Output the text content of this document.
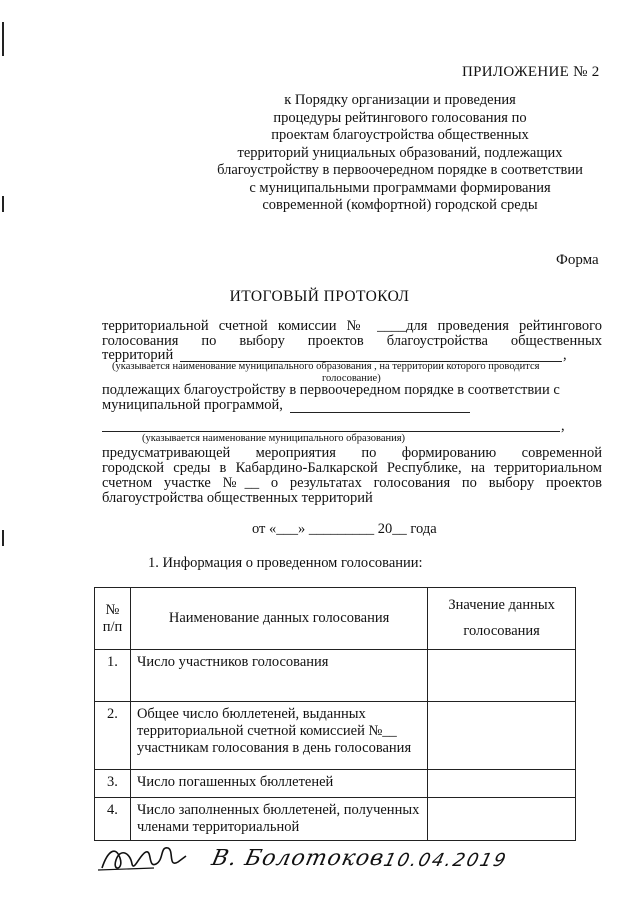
ПРИЛОЖЕНИЕ № 2
к Порядку организации и проведения
процедуры рейтингового голосования по
проектам благоустройства общественных
территорий унициальных образований, подлежащих
благоустройству в первоочередном порядке в соответствии
с муниципальными программами формирования
современной (комфортной) городской среды
Форма
ИТОГОВЫЙ ПРОТОКОЛ
территориальной счетной комиссии № ____для проведения рейтингового
голосования по выбору проектов благоустройства общественных
территорий	,
(указывается наименование муниципального образования , на территории которого проводится
голосование)
подлежащих благоустройству в первоочередном порядке в соответствии с
муниципальной программой,
,
(указывается наименование муниципального образования)
предусматривающей мероприятия по формированию современной
городской среды в Кабардино-Балкарской Республике, на территориальном
счетном участке №__ о результатах голосования по выбору проектов
благоустройства общественных территорий
от «___» _________ 20__ года
1. Информация о проведенном голосовании:
№ п/п	Наименование данных голосования	Значение данных голосования
1.	Число участников голосования	
2.	Общее число бюллетеней, выданных территориальной счетной комиссией №__ участникам голосования в день голосования	
3.	Число погашенных бюллетеней	
4.	Число заполненных бюллетеней, полученных членами территориальной	
В. Болотоков
10.04.2019
